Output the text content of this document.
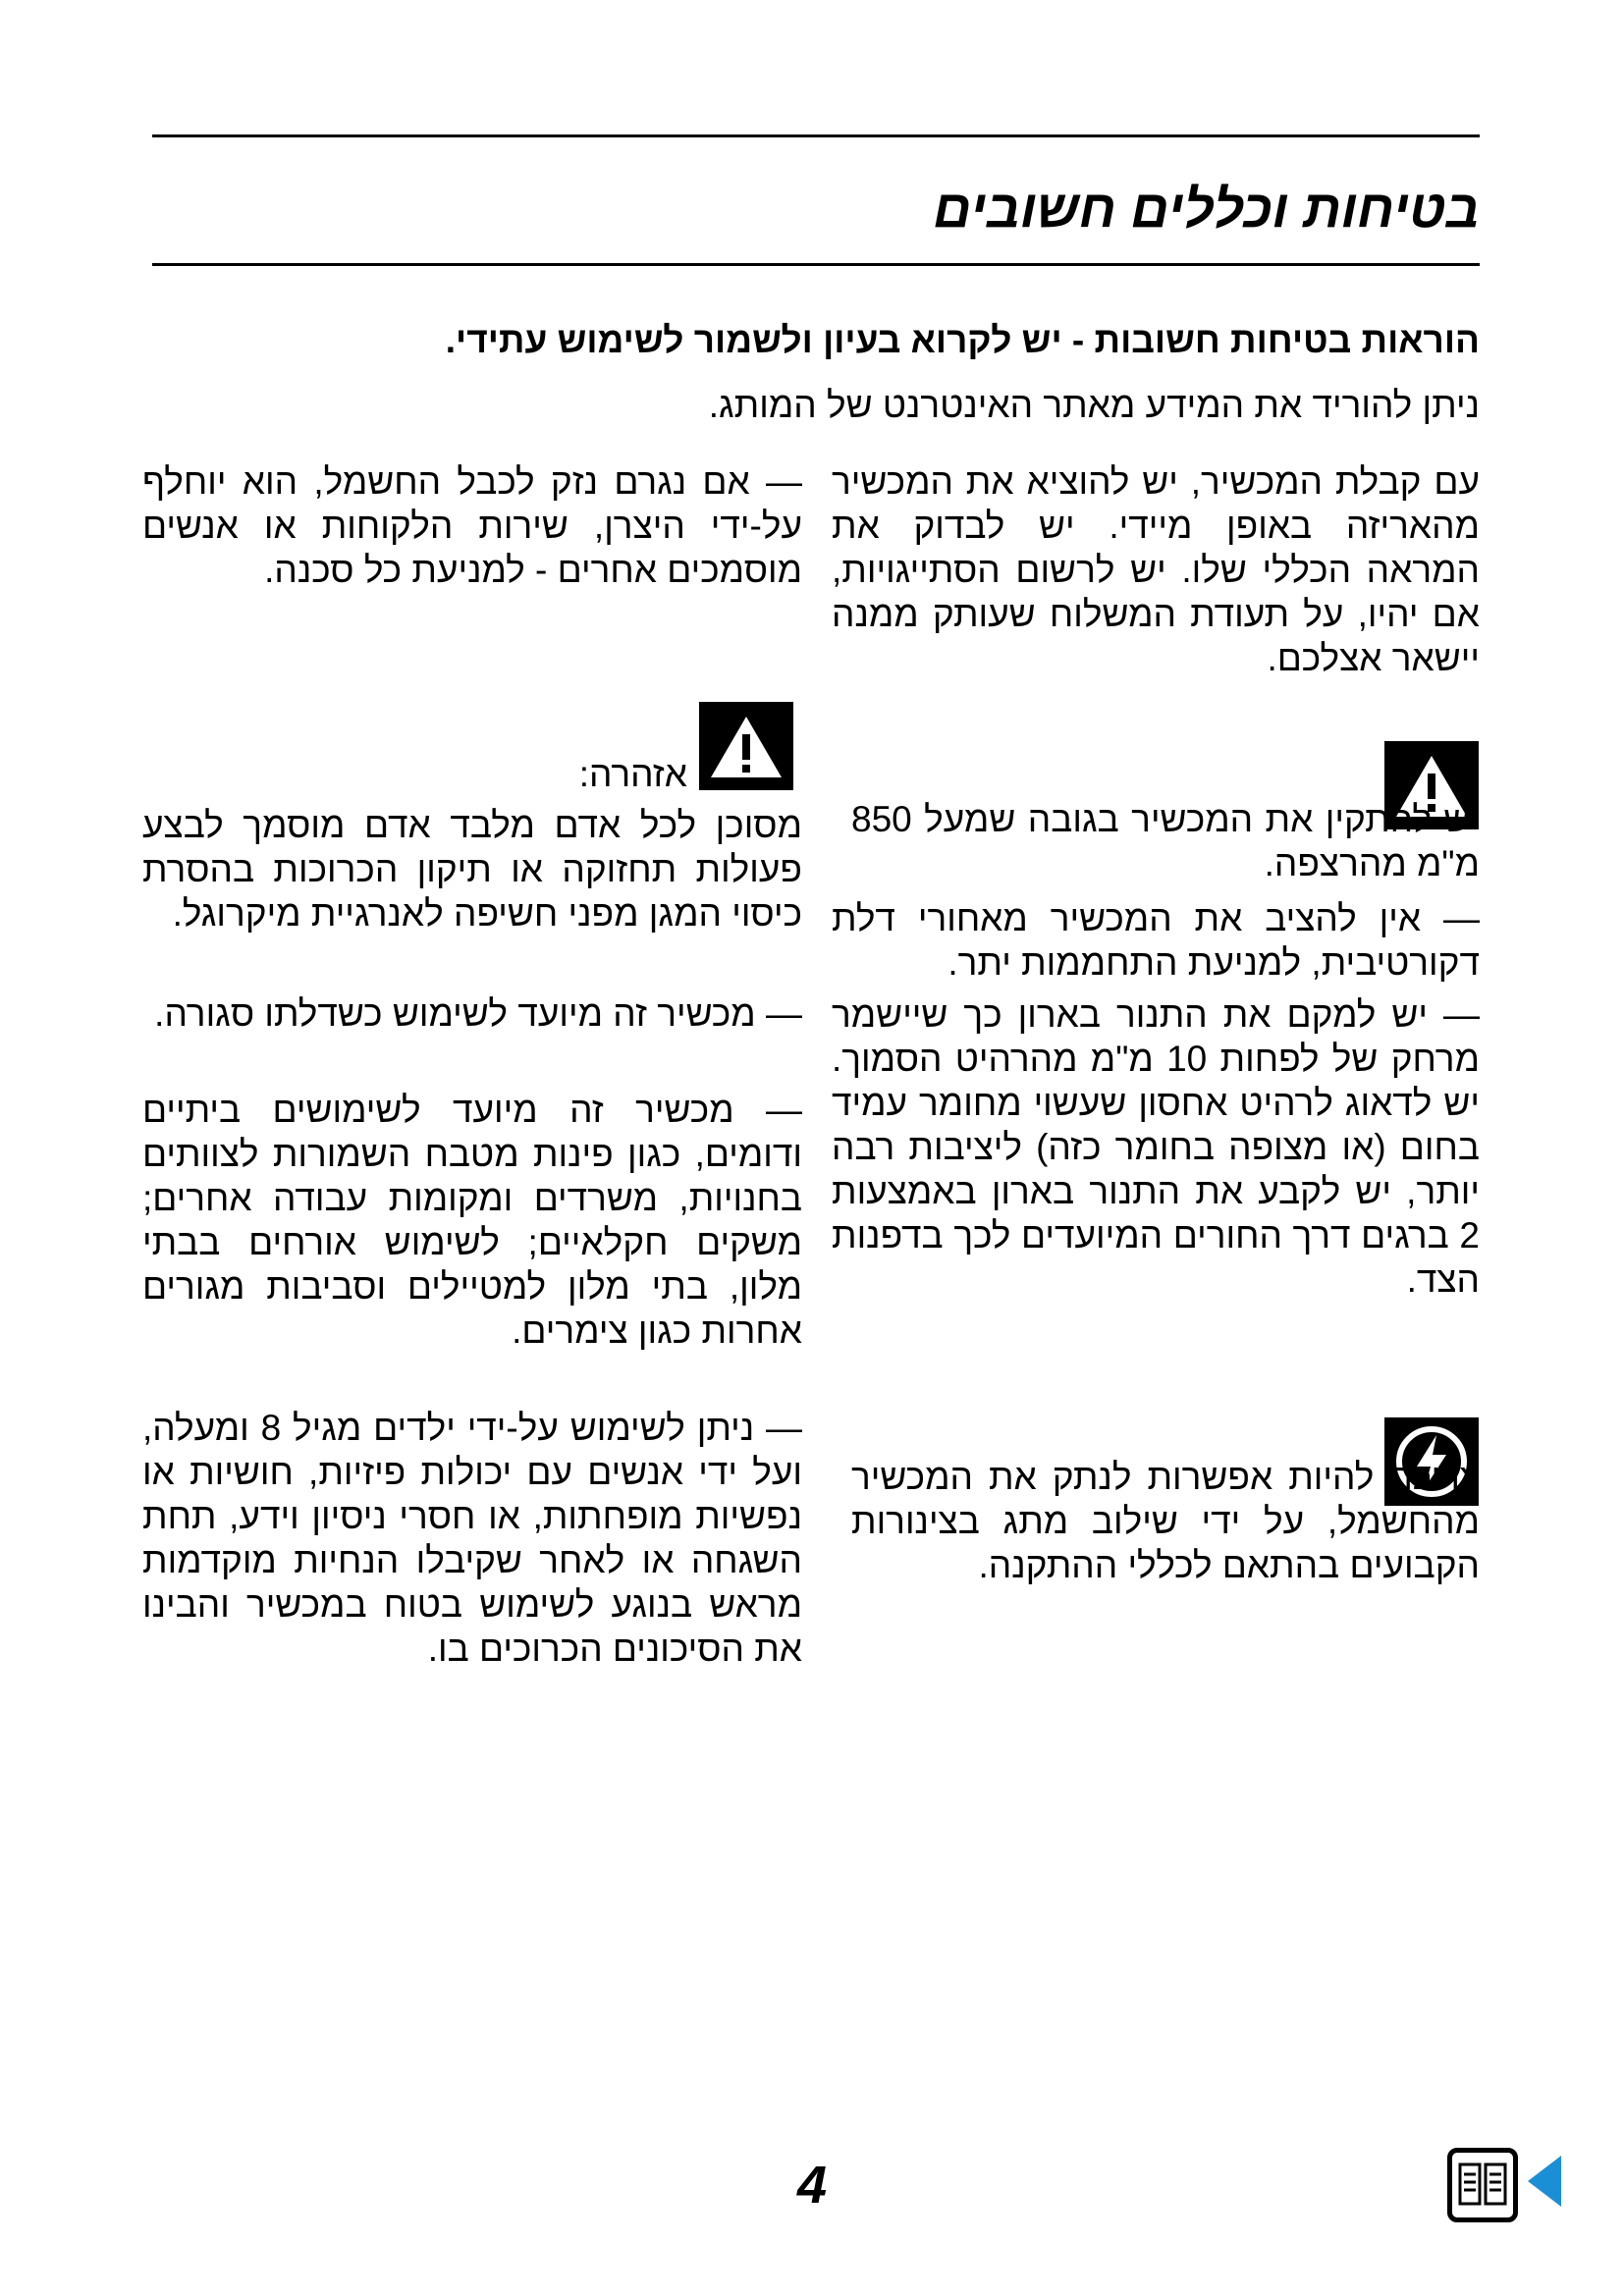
בטיחות וכללים חשובים

הוראות בטיחות חשובות - יש לקרוא בעיון ולשמור לשימוש עתידי.

ניתן להוריד את המידע מאתר האינטרנט של המותג.

עם קבלת המכשיר, יש להוציא את המכשיר מהאריזה באופן מיידי. יש לבדוק את המראה הכללי שלו. יש לרשום הסתייגויות, אם יהיו, על תעודת המשלוח שעותק ממנה יישאר אצלכם.

יש להתקין את המכשיר בגובה שמעל 850 מ"מ מהרצפה.

— אין להציב את המכשיר מאחורי דלת דקורטיבית, למניעת התחממות יתר.

— יש למקם את התנור בארון כך שיישמר מרחק של לפחות 10 מ"מ מהרהיט הסמוך. יש לדאוג לרהיט אחסון שעשוי מחומר עמיד בחום (או מצופה בחומר כזה) ליציבות רבה יותר, יש לקבע את התנור בארון באמצעות 2 ברגים דרך החורים המיועדים לכך בדפנות הצד.

צריכה להיות אפשרות לנתק את המכשיר מהחשמל, על ידי שילוב מתג בצינורות הקבועים בהתאם לכללי ההתקנה.

— אם נגרם נזק לכבל החשמל, הוא יוחלף על-ידי היצרן, שירות הלקוחות או אנשים מוסמכים אחרים - למניעת כל סכנה.

אזהרה:

מסוכן לכל אדם מלבד אדם מוסמך לבצע פעולות תחזוקה או תיקון הכרוכות בהסרת כיסוי המגן מפני חשיפה לאנרגיית מיקרוגל.

— מכשיר זה מיועד לשימוש כשדלתו סגורה.

— מכשיר זה מיועד לשימושים ביתיים ודומים, כגון פינות מטבח השמורות לצוותים בחנויות, משרדים ומקומות עבודה אחרים; משקים חקלאיים; לשימוש אורחים בבתי מלון, בתי מלון למטיילים וסביבות מגורים אחרות כגון צימרים.

— ניתן לשימוש על-ידי ילדים מגיל 8 ומעלה, ועל ידי אנשים עם יכולות פיזיות, חושיות או נפשיות מופחתות, או חסרי ניסיון וידע, תחת השגחה או לאחר שקיבלו הנחיות מוקדמות מראש בנוגע לשימוש בטוח במכשיר והבינו את הסיכונים הכרוכים בו.

4
